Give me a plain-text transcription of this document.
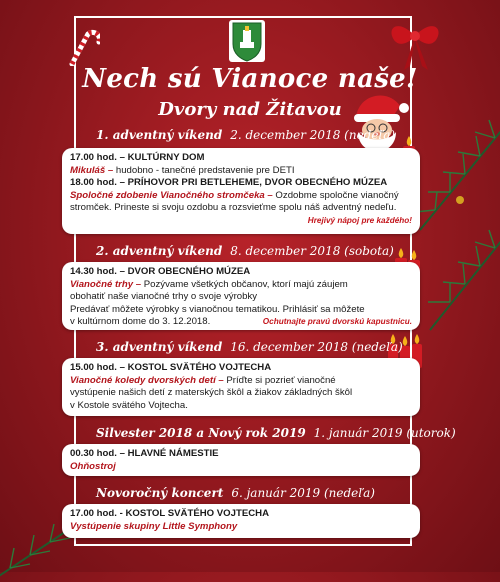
Nech sú Vianoce naše!
Dvory nad Žitavou
1. adventný víkend 2. december 2018 (nedeľa)
17.00 hod. – KULTÚRNY DOM
Mikuláš – hudobno - tanečné predstavenie pre DETI
18.00 hod. – PRÍHOVOR PRI BETLEHEME, DVOR OBECNÉHO MÚZEA
Spoločné zdobenie Vianočného stromčeka – Ozdobme spoločne vianočný
stromček. Prineste si svoju ozdobu a rozsvieťme spolu náš adventný nedeľu.
Hrejivý nápoj pre každého!
2. adventný víkend 8. december 2018 (sobota)
14.30 hod. – DVOR OBECNÉHO MÚZEA
Vianočné trhy – Pozývame všetkých občanov, ktorí majú záujem
obohatiť naše vianočné trhy o svoje výrobky
Predávať môžete výrobky s vianočnou tematikou. Prihlásiť sa môžete
v kultúrnom dome do 3. 12.2018.	Ochutnajte pravú dvorskú kapustnicu.
3. adventný víkend 16. december 2018 (nedeľa)
15.00 hod. – KOSTOL SVÄTÉHO VOJTECHA
Vianočné koledy dvorských detí – Príďte si pozrieť vianočné
vystúpenie našich detí z materských škôl a žiakov základných škôl
v Kostole svätého Vojtecha.
Silvester 2018 a Nový rok 2019 1. január 2019 (utorok)
00.30 hod. – HLAVNÉ NÁMESTIE
Ohňostroj
Novoročný koncert 6. január 2019 (nedeľa)
17.00 hod. - KOSTOL SVÄTÉHO VOJTECHA
Vystúpenie skupiny Little Symphony
